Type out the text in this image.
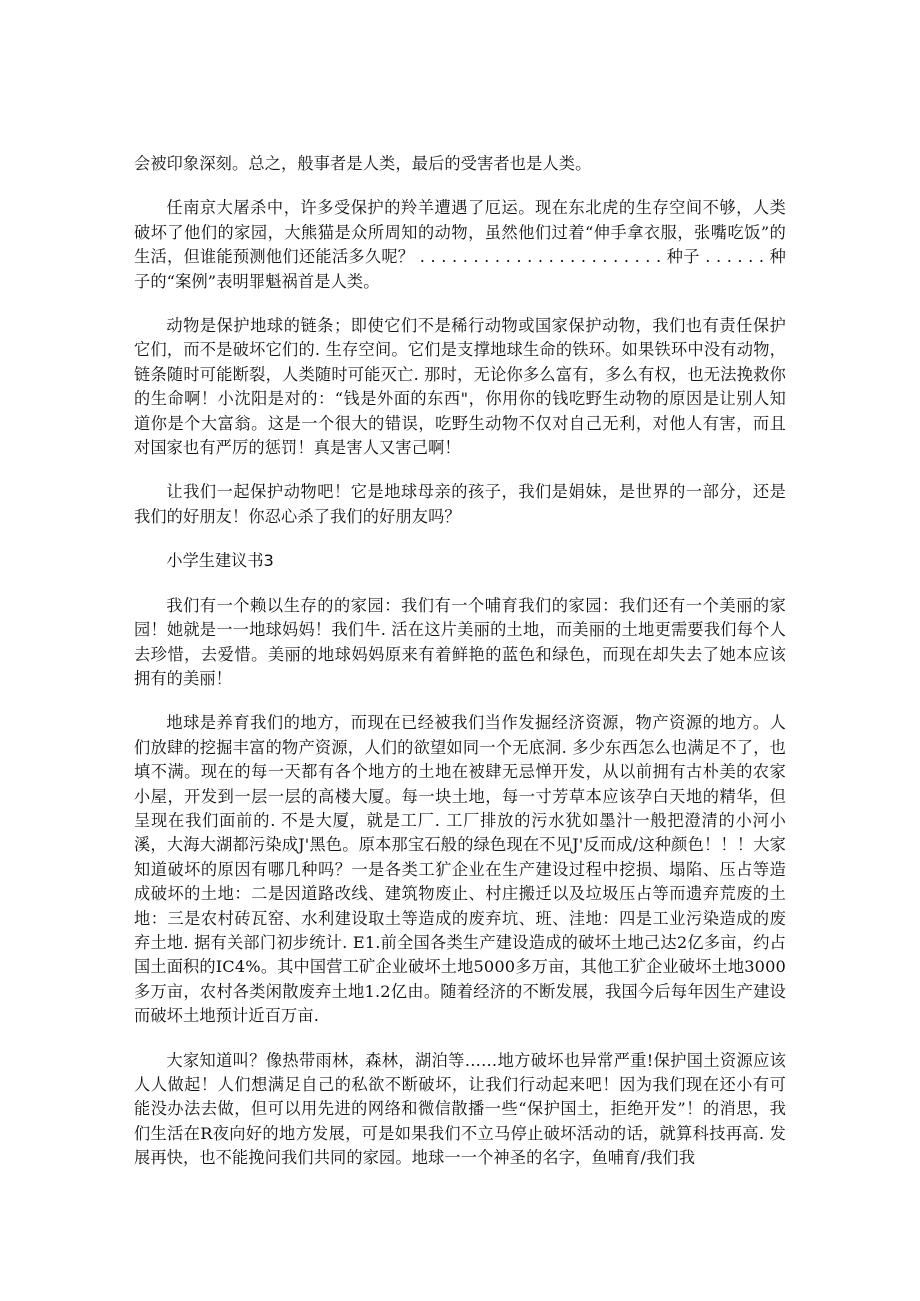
会被印象深刻。总之，般事者是人类，最后的受害者也是人类。

任南京大屠杀中，许多受保护的羚羊遭遇了厄运。现在东北虎的生存空间不够，人类破坏了他们的家园，大熊猫是众所周知的动物，虽然他们过着“伸手拿衣服，张嘴吃饭”的生活，但谁能预测他们还能活多久呢？ . . . . . . . . . . . . . . . . . . . . . . . 种子 . . . . . . 种子的“案例”表明罪魁祸首是人类。

动物是保护地球的链条；即使它们不是稀行动物或国家保护动物，我们也有责任保护它们，而不是破坏它们的. 生存空间。它们是支撑地球生命的铁环。如果铁环中没有动物，链条随时可能断裂，人类随时可能灭亡. 那时，无论你多么富有，多么有权，也无法挽救你的生命啊！小沈阳是对的：“钱是外面的东西"，你用你的钱吃野生动物的原因是让别人知道你是个大富翁。这是一个很大的错误，吃野生动物不仅对自己无利，对他人有害，而且对国家也有严厉的惩罚！真是害人又害己啊！

让我们一起保护动物吧！它是地球母亲的孩子，我们是娟妹，是世界的一部分，还是我们的好朋友！你忍心杀了我们的好朋友吗？

小学生建议书3

我们有一个赖以生存的的家园：我们有一个哺育我们的家园：我们还有一个美丽的家园！她就是一一地球妈妈！我们牛. 活在这片美丽的土地，而美丽的土地更需要我们每个人去珍惜，去爱惜。美丽的地球妈妈原来有着鲜艳的蓝色和绿色，而现在却失去了她本应该拥有的美丽！

地球是养育我们的地方，而现在已经被我们当作发掘经济资源，物产资源的地方。人们放肆的挖掘丰富的物产资源，人们的欲望如同一个无底洞. 多少东西怎么也满足不了，也填不满。现在的每一天都有各个地方的土地在被肆无忌惮开发，从以前拥有古朴美的农家小屋，开发到一层一层的高楼大厦。每一块土地，每一寸芳草本应该孕白天地的精华，但呈现在我们面前的. 不是大厦，就是工厂. 工厂排放的污水犹如墨汁一般把澄清的小河小溪，大海大湖都污染成J'黑色。原本那宝石般的绿色现在不见J'反而成/这种颜色！！！大家知道破坏的原因有哪几种吗？一是各类工犷企业在生产建设过程中挖损、塌陷、压占等造成破坏的土地：二是因道路改线、建筑物废止、村庄搬迁以及垃圾压占等而遗弃荒废的土地：三是农村砖瓦窑、水利建设取土等造成的废弃坑、班、洼地：四是工业污染造成的废弃土地. 据有关部门初步统计. E1.前全国各类生产建设造成的破坏土地己达2亿多亩，约占国土面积的IC4%。其中国营工矿企业破坏土地5000多万亩，其他工犷企业破坏土地3000多万亩，农村各类闲散废弃土地1.2亿由。随着经济的不断发展，我国今后每年因生产建设而破坏土地预计近百万亩.

大家知道叫？像热带雨林，森林，湖泊等……地方破坏也异常严重!保护国土资源应该人人做起！人们想满足自己的私欲不断破坏，让我们行动起来吧！因为我们现在还小有可能没办法去做，但可以用先进的网络和微信散播一些“保护国土，拒绝开发”！的消思，我们生活在R夜向好的地方发展，可是如果我们不立马停止破坏活动的话，就算科技再高. 发展再快，也不能挽问我们共同的家园。地球一一个神圣的名字，鱼哺育/我们我
